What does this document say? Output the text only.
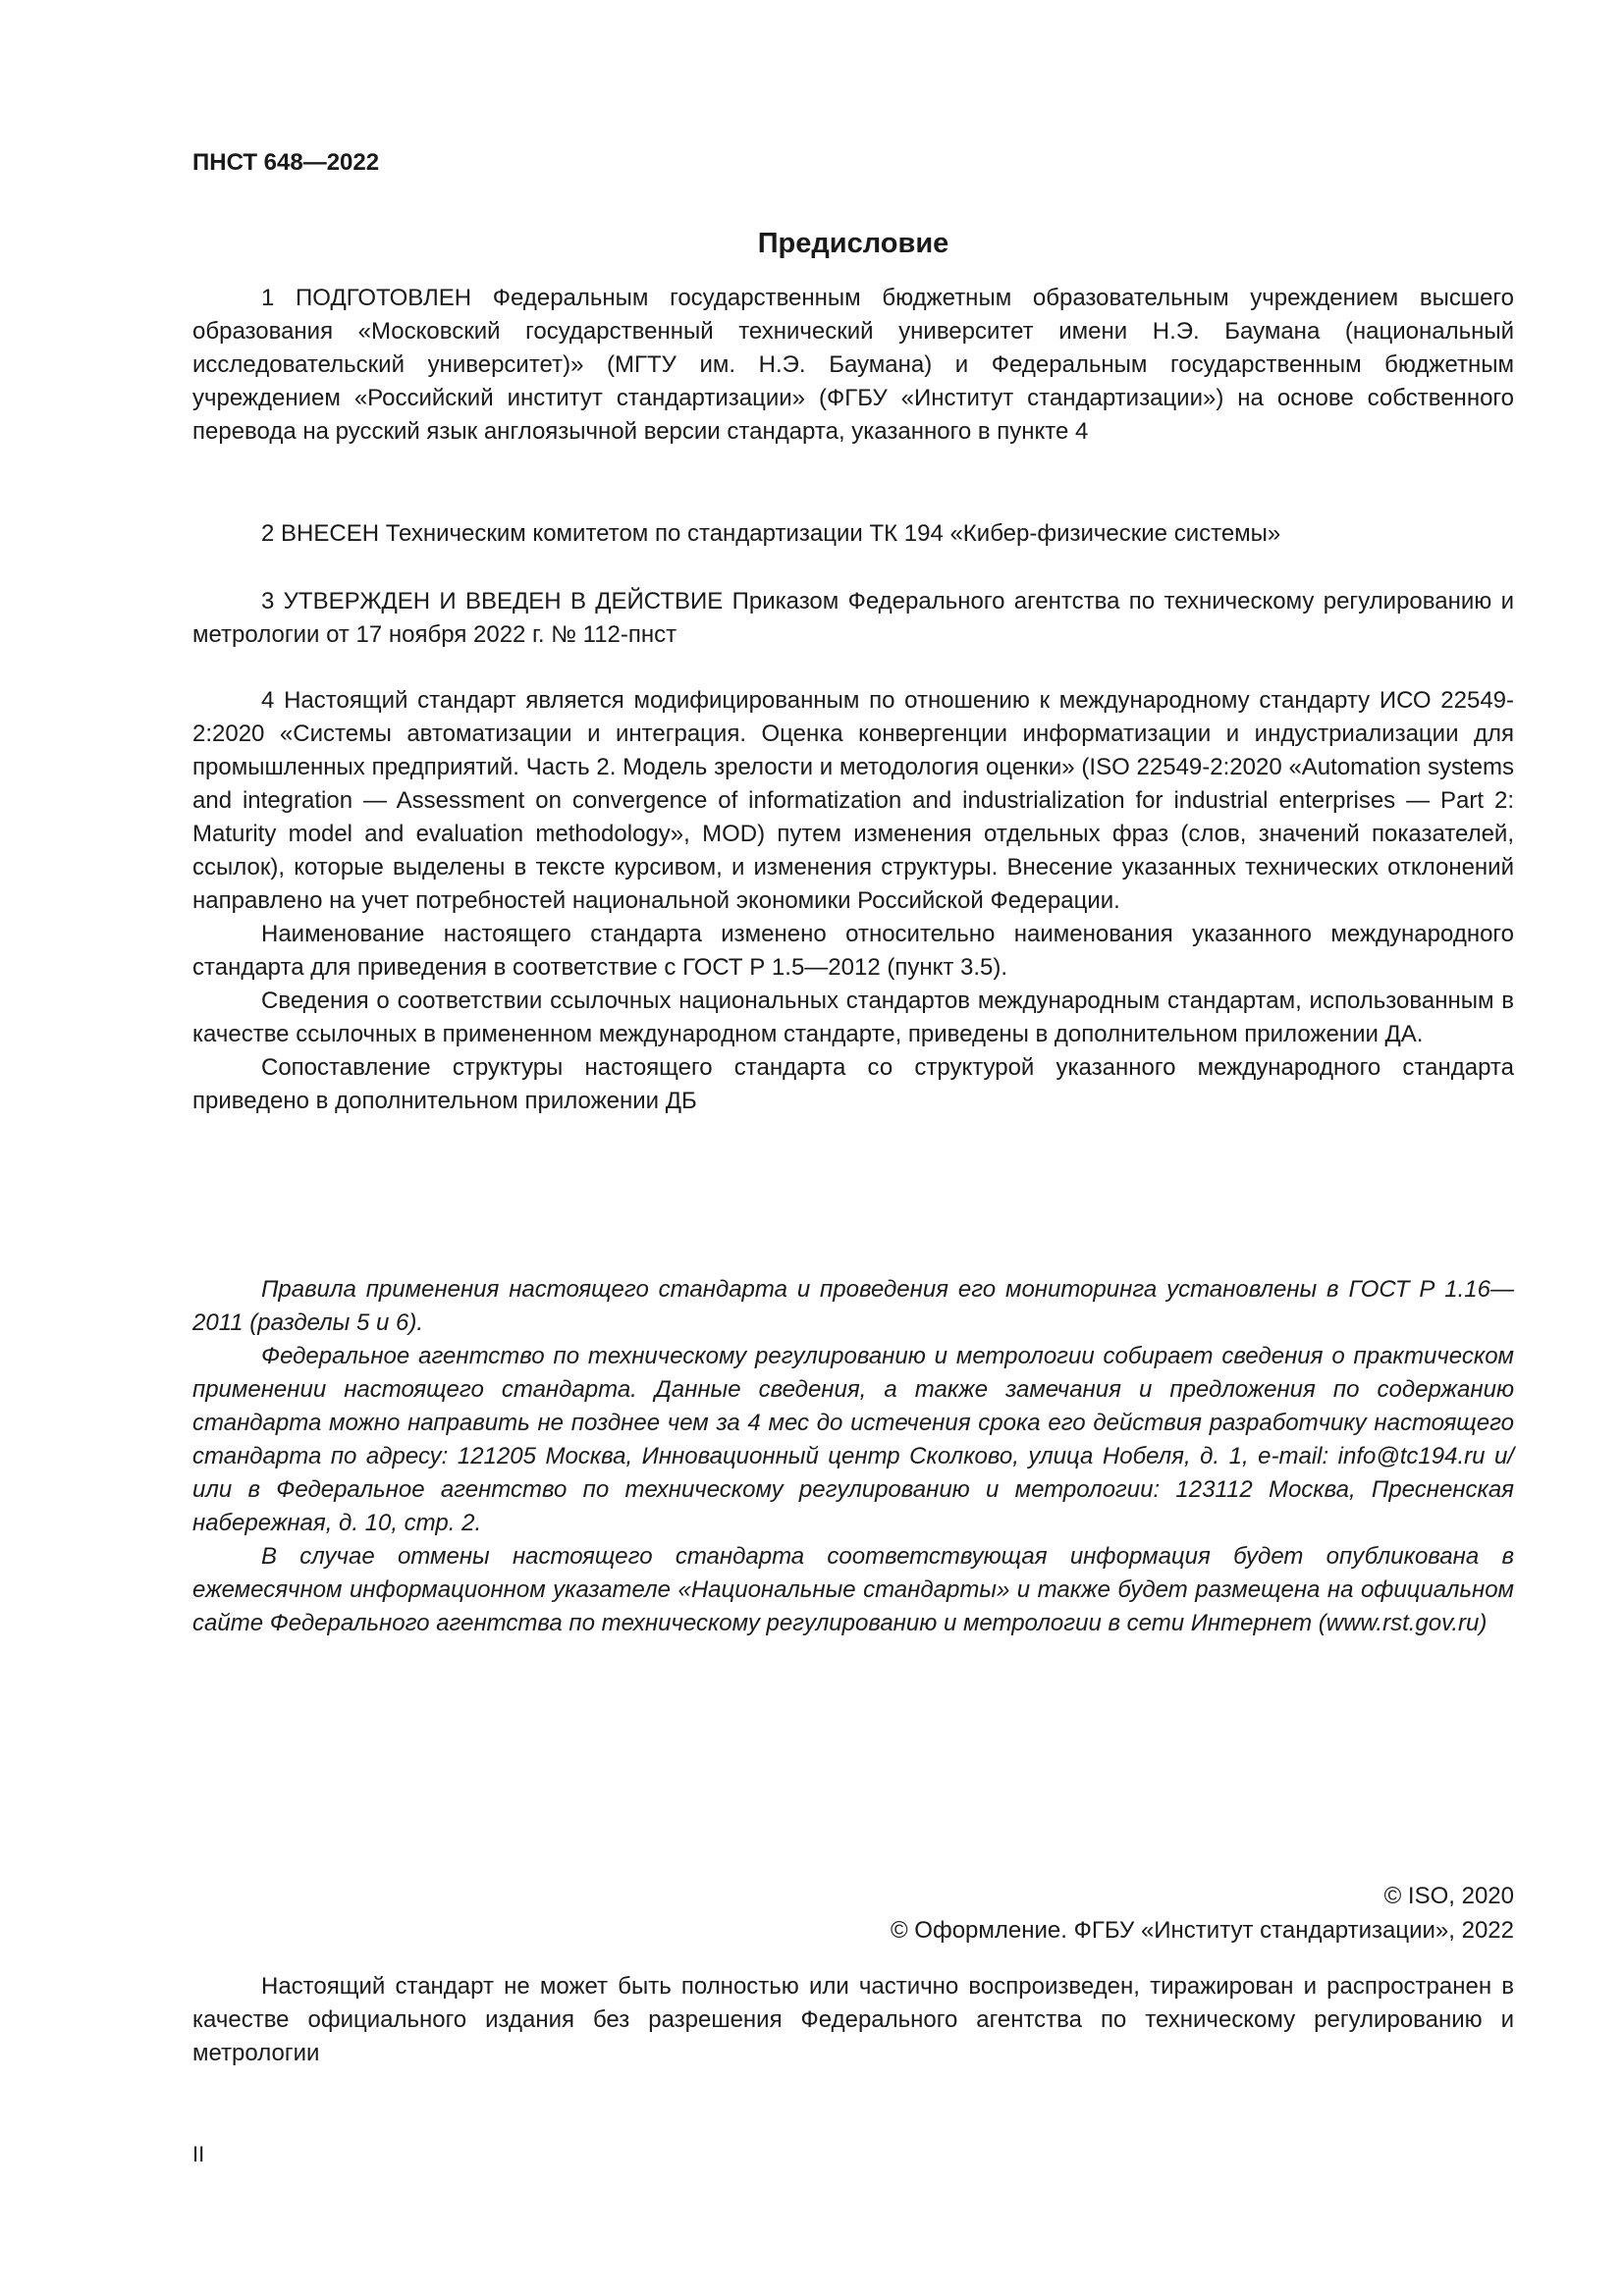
ПНСТ 648—2022

Предисловие

1 ПОДГОТОВЛЕН Федеральным государственным бюджетным образовательным учреждением высшего образования «Московский государственный технический университет имени Н.Э. Баумана (национальный исследовательский университет)» (МГТУ им. Н.Э. Баумана) и Федеральным государственным бюджетным учреждением «Российский институт стандартизации» (ФГБУ «Институт стандартизации») на основе собственного перевода на русский язык англоязычной версии стандарта, указанного в пункте 4

2 ВНЕСЕН Техническим комитетом по стандартизации ТК 194 «Кибер-физические системы»

3 УТВЕРЖДЕН И ВВЕДЕН В ДЕЙСТВИЕ Приказом Федерального агентства по техническому регулированию и метрологии от 17 ноября 2022 г. № 112-пнст

4 Настоящий стандарт является модифицированным по отношению к международному стандарту ИСО 22549-2:2020 «Системы автоматизации и интеграция. Оценка конвергенции информатизации и индустриализации для промышленных предприятий. Часть 2. Модель зрелости и методология оценки» (ISO 22549-2:2020 «Automation systems and integration — Assessment on convergence of informatization and industrialization for industrial enterprises — Part 2: Maturity model and evaluation methodology», MOD) путем изменения отдельных фраз (слов, значений показателей, ссылок), которые выделены в тексте курсивом, и изменения структуры. Внесение указанных технических отклонений направлено на учет потребностей национальной экономики Российской Федерации.

Наименование настоящего стандарта изменено относительно наименования указанного международного стандарта для приведения в соответствие с ГОСТ Р 1.5—2012 (пункт 3.5).

Сведения о соответствии ссылочных национальных стандартов международным стандартам, использованным в качестве ссылочных в примененном международном стандарте, приведены в дополнительном приложении ДА.

Сопоставление структуры настоящего стандарта со структурой указанного международного стандарта приведено в дополнительном приложении ДБ

Правила применения настоящего стандарта и проведения его мониторинга установлены в ГОСТ Р 1.16—2011 (разделы 5 и 6).

Федеральное агентство по техническому регулированию и метрологии собирает сведения о практическом применении настоящего стандарта. Данные сведения, а также замечания и предложения по содержанию стандарта можно направить не позднее чем за 4 мес до истечения срока его действия разработчику настоящего стандарта по адресу: 121205 Москва, Инновационный центр Сколково, улица Нобеля, д. 1, e-mail: info@tc194.ru и/или в Федеральное агентство по техническому регулированию и метрологии: 123112 Москва, Пресненская набережная, д. 10, стр. 2.

В случае отмены настоящего стандарта соответствующая информация будет опубликована в ежемесячном информационном указателе «Национальные стандарты» и также будет размещена на официальном сайте Федерального агентства по техническому регулированию и метрологии в сети Интернет (www.rst.gov.ru)

© ISO, 2020

© Оформление. ФГБУ «Институт стандартизации», 2022

Настоящий стандарт не может быть полностью или частично воспроизведен, тиражирован и распространен в качестве официального издания без разрешения Федерального агентства по техническому регулированию и метрологии

II
